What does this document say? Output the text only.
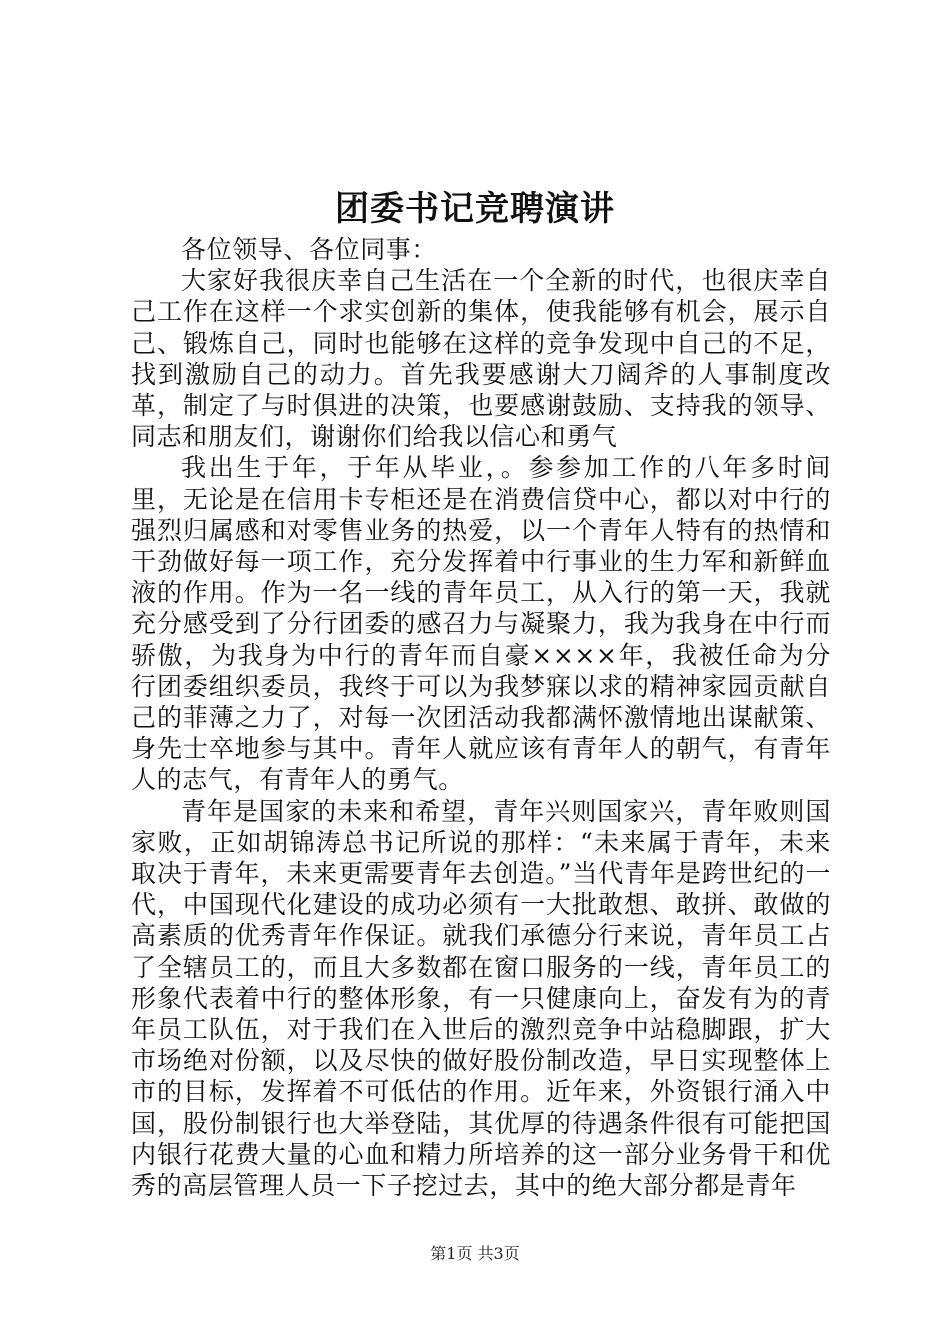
团委书记竞聘演讲

各位领导、各位同事：

大家好我很庆幸自己生活在一个全新的时代，也很庆幸自己工作在这样一个求实创新的集体，使我能够有机会，展示自己、锻炼自己，同时也能够在这样的竞争发现中自己的不足，找到激励自己的动力。首先我要感谢大刀阔斧的人事制度改革，制定了与时俱进的决策，也要感谢鼓励、支持我的领导、同志和朋友们，谢谢你们给我以信心和勇气

我出生于年，于年从毕业，。参参加工作的八年多时间里，无论是在信用卡专柜还是在消费信贷中心，都以对中行的强烈归属感和对零售业务的热爱，以一个青年人特有的热情和干劲做好每一项工作，充分发挥着中行事业的生力军和新鲜血液的作用。作为一名一线的青年员工，从入行的第一天，我就充分感受到了分行团委的感召力与凝聚力，我为我身在中行而骄傲，为我身为中行的青年而自豪××××年，我被任命为分行团委组织委员，我终于可以为我梦寐以求的精神家园贡献自己的菲薄之力了，对每一次团活动我都满怀激情地出谋献策、身先士卒地参与其中。青年人就应该有青年人的朝气，有青年人的志气，有青年人的勇气。

青年是国家的未来和希望，青年兴则国家兴，青年败则国家败，正如胡锦涛总书记所说的那样：“未来属于青年，未来取决于青年，未来更需要青年去创造。”当代青年是跨世纪的一代，中国现代化建设的成功必须有一大批敢想、敢拼、敢做的高素质的优秀青年作保证。就我们承德分行来说，青年员工占了全辖员工的，而且大多数都在窗口服务的一线，青年员工的形象代表着中行的整体形象，有一只健康向上，奋发有为的青年员工队伍，对于我们在入世后的激烈竞争中站稳脚跟，扩大市场绝对份额，以及尽快的做好股份制改造，早日实现整体上市的目标，发挥着不可低估的作用。近年来，外资银行涌入中国，股份制银行也大举登陆，其优厚的待遇条件很有可能把国内银行花费大量的心血和精力所培养的这一部分业务骨干和优秀的高层管理人员一下子挖过去，其中的绝大部分都是青年

第1页 共3页
